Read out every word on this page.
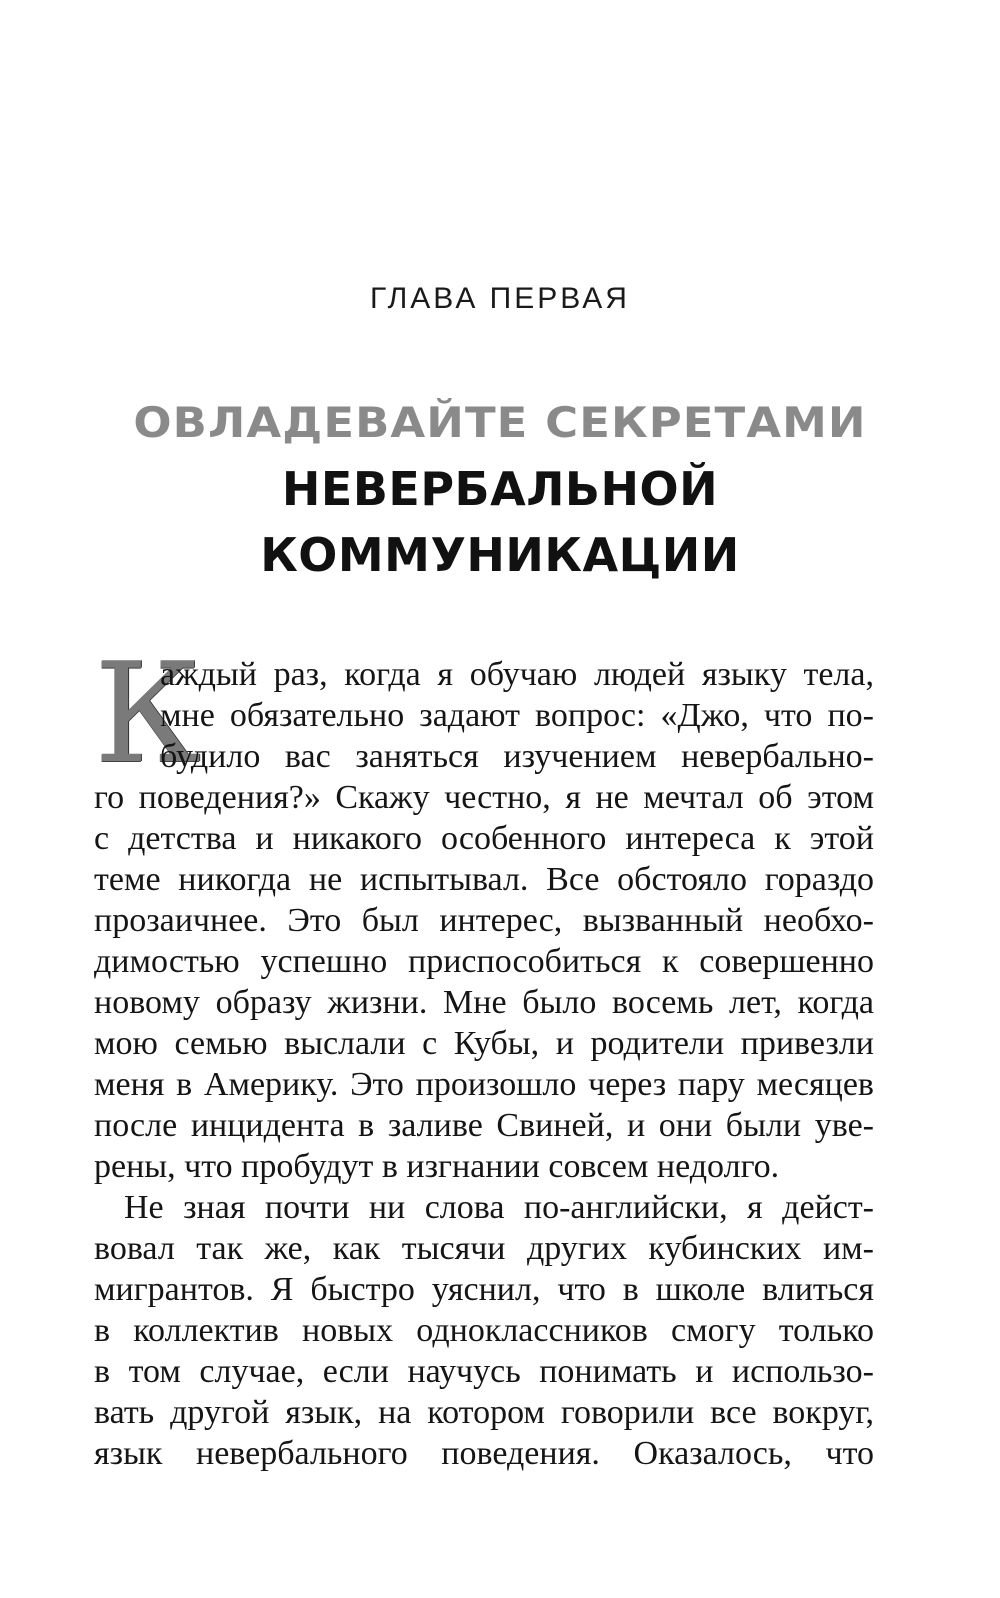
ГЛАВА ПЕРВАЯ
ОВЛАДЕВАЙТЕ СЕКРЕТАМИ
НЕВЕРБАЛЬНОЙ
КОММУНИКАЦИИ
К
аждый раз, когда я обучаю людей языку тела,
мне обязательно задают вопрос: «Джо, что по-
будило вас заняться изучением невербально-
го поведения?» Скажу честно, я не мечтал об этом
с детства и никакого особенного интереса к этой
теме никогда не испытывал. Все обстояло гораздо
прозаичнее. Это был интерес, вызванный необхо-
димостью успешно приспособиться к совершенно
новому образу жизни. Мне было восемь лет, когда
мою семью выслали с Кубы, и родители привезли
меня в Америку. Это произошло через пару месяцев
после инцидента в заливе Свиней, и они были уве-
рены, что пробудут в изгнании совсем недолго.
Не зная почти ни слова по-английски, я дейст-
вовал так же, как тысячи других кубинских им-
мигрантов. Я быстро уяснил, что в школе влиться
в коллектив новых одноклассников смогу только
в том случае, если научусь понимать и использо-
вать другой язык, на котором говорили все вокруг,
язык невербального поведения. Оказалось, что
